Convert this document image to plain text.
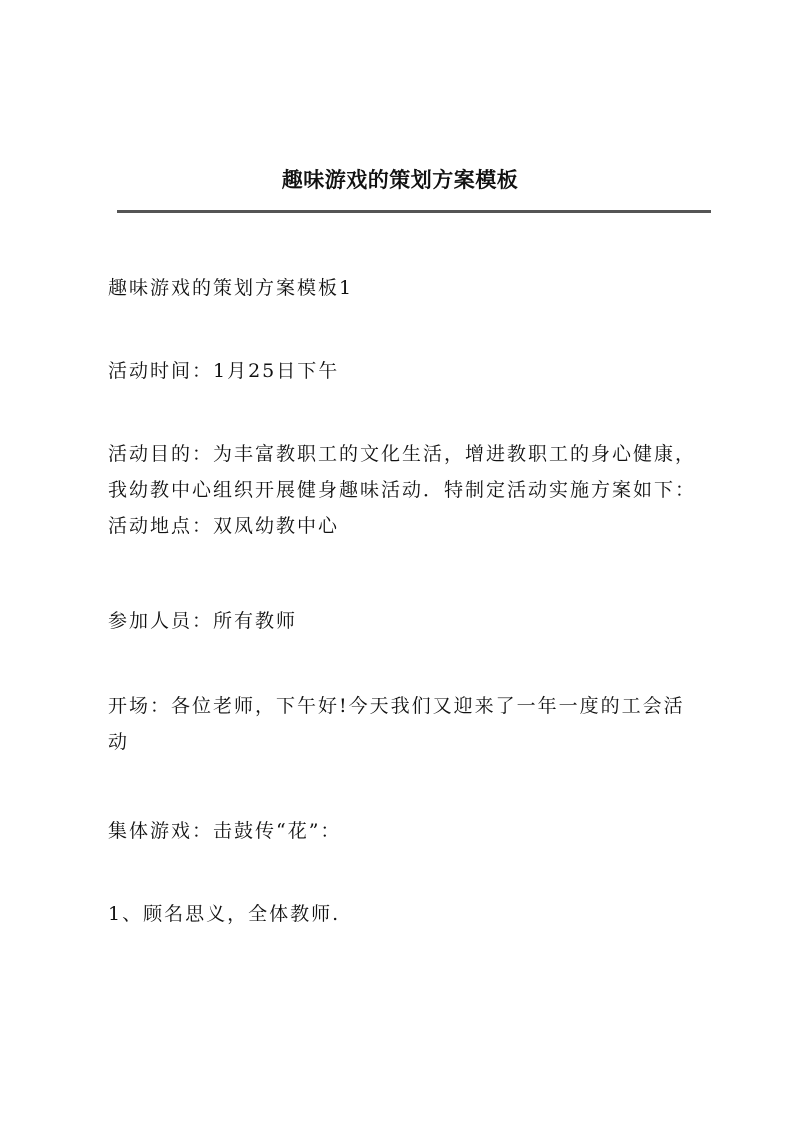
趣味游戏的策划方案模板

趣味游戏的策划方案模板1

活动时间：1月25日下午

活动目的：为丰富教职工的文化生活，增进教职工的身心健康，
我幼教中心组织开展健身趣味活动．特制定活动实施方案如下：
活动地点：双凤幼教中心

参加人员：所有教师

开场：各位老师，下午好!今天我们又迎来了一年一度的工会活
动

集体游戏：击鼓传“花”：

1、顾名思义，全体教师.
